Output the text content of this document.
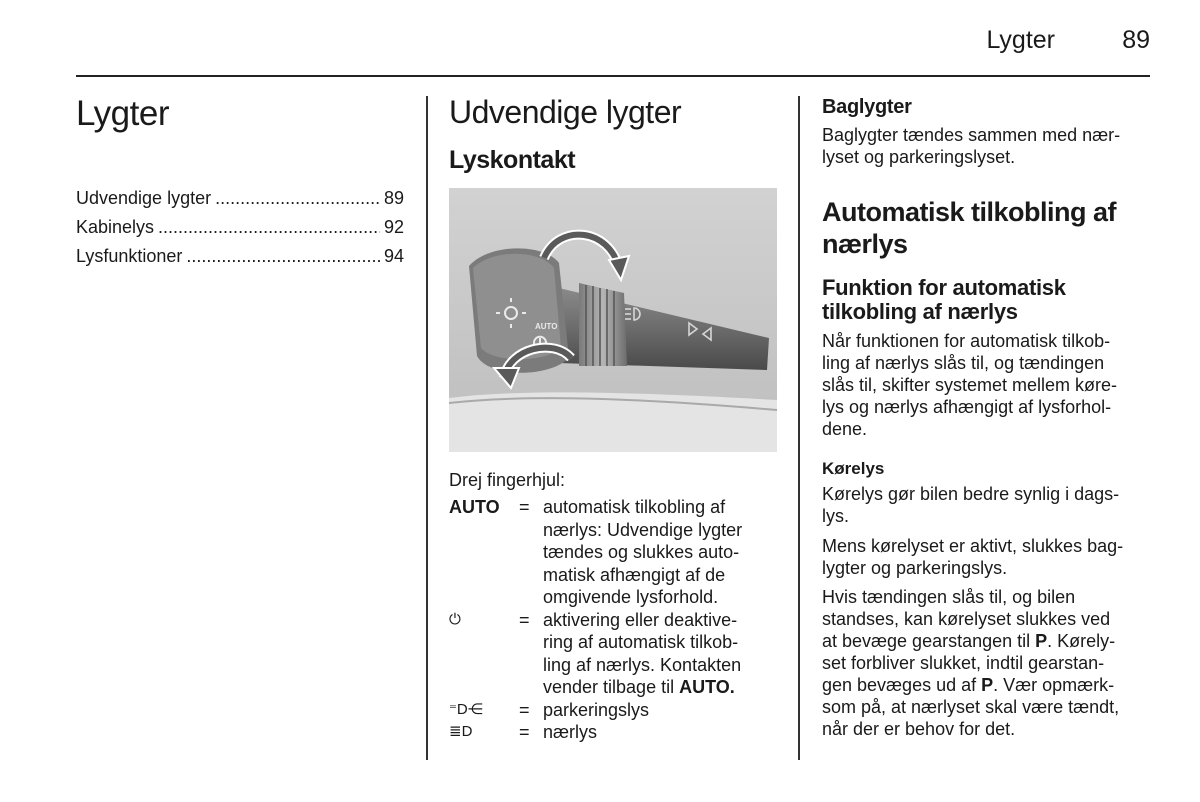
Lygter	89
Lygter
Udvendige lygter .....	89
Kabinelys .....	92
Lysfunktioner .....	94
Udvendige lygter
Lyskontakt
AUTO
Drej fingerhjul:
AUTO	= automatisk tilkobling af
nærlys: Udvendige lygter
tændes og slukkes auto-
matisk afhængigt af de
omgivende lysforhold.
⏻	= aktivering eller deaktive-
ring af automatisk tilkob-
ling af nærlys. Kontakten
vender tilbage til AUTO.
⁼D⋲	= parkeringslys
≣D	= nærlys
Baglygter
Baglygter tændes sammen med nær-
lyset og parkeringslyset.
Automatisk tilkobling af
nærlys
Funktion for automatisk
tilkobling af nærlys
Når funktionen for automatisk tilkob-
ling af nærlys slås til, og tændingen
slås til, skifter systemet mellem køre-
lys og nærlys afhængigt af lysforhol-
dene.
Kørelys
Kørelys gør bilen bedre synlig i dags-
lys.
Mens kørelyset er aktivt, slukkes bag-
lygter og parkeringslys.
Hvis tændingen slås til, og bilen
standses, kan kørelyset slukkes ved
at bevæge gearstangen til P. Kørely-
set forbliver slukket, indtil gearstan-
gen bevæges ud af P. Vær opmærk-
som på, at nærlyset skal være tændt,
når der er behov for det.
